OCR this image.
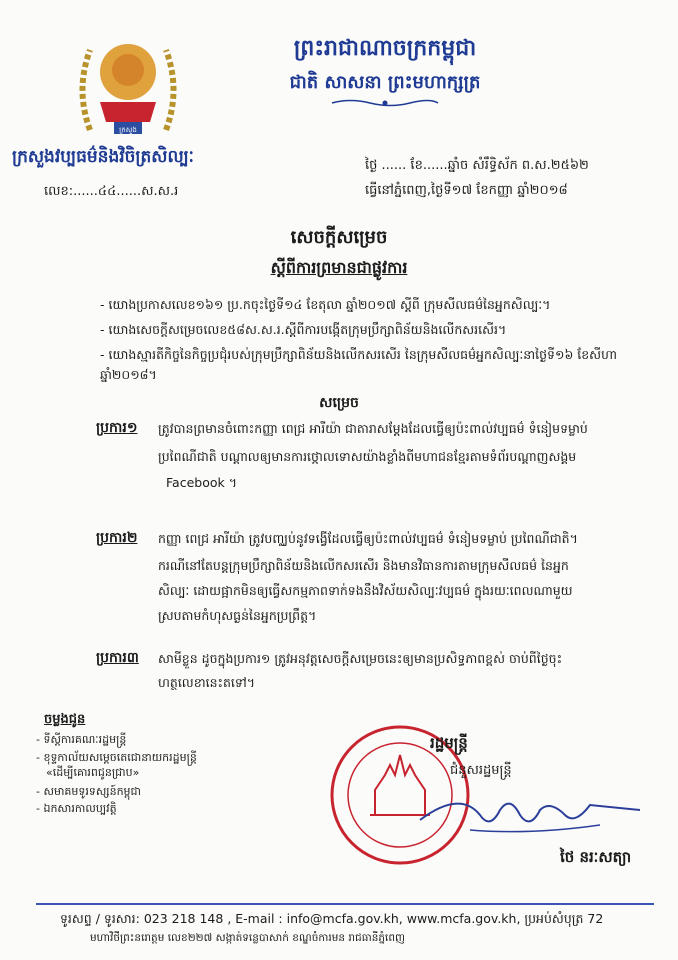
ព្រះរាជាណាចក្រកម្ពុជា
ជាតិ សាសនា ព្រះមហាក្សត្រ
ក្រសួង
ក្រសួងវប្បធម៌និងវិចិត្រសិល្បៈ
លេខ:......៤៤......ស.ស.រ
ថ្ងៃ ​​​​​​​​​​......​ ខែ......ឆ្នាំច សំរឹទ្ធិស័ក ព.ស.២៥៦២
ធ្វើនៅភ្នំពេញ,ថ្ងៃទី១៧ ខែកញ្ញា ឆ្នាំ២០១៨
សេចក្តីសម្រេច
ស្តីពីការព្រមានជាផ្លូវការ
- យោងប្រកាសលេខ១៦១ ប្រ.កចុះថ្ងៃទី១៤ ខែតុលា ឆ្នាំ២០១៧ ស្តីពី ក្រុមសីលធម៌នៃអ្នកសិល្បៈ។
- យោងសេចក្តីសម្រេចលេខ៥៨ស.ស.រ.ស្តីពីការបង្កើតក្រុមប្រឹក្សាពិន័យនិងលើកសរសើរ។
- យោងស្មារតីកិច្ចនៃកិច្ចប្រជុំរបស់ក្រុមប្រឹក្សាពិន័យនិងលើកសរសើរ នៃក្រុមសីលធម៌អ្នកសិល្បៈនាថ្ងៃទី១៦ ខែសីហា ឆ្នាំ២០១៨។
សម្រេច
ប្រការ១ ត្រូវបានព្រមានចំពោះកញ្ញា ពេជ្រ អារីយ៉ា ជាតារាសម្តែងដែលធ្វើឲ្យប៉ះពាល់វប្បធម៌ ទំនៀមទម្លាប់
ប្រពៃណីជាតិ បណ្តាលឲ្យមានការថ្កោលទោសយ៉ាងខ្លាំងពីមហាជនខ្មែរតាមទំព័របណ្តាញសង្គម
Facebook ។
ប្រការ២ កញ្ញា ពេជ្រ អារីយ៉ា ត្រូវបញ្ឈប់នូវទង្វើដែលធ្វើឲ្យប៉ះពាល់វប្បធម៌ ទំនៀមទម្លាប់ ប្រពៃណីជាតិ។
ករណីនៅតែបន្តក្រុមប្រឹក្សាពិន័យនិងលើកសរសើរ និងមានវិធានការតាមក្រុមសីលធម៌ នៃអ្នក
សិល្បៈ ដោយផ្អាកមិនឲ្យធ្វើសកម្មភាពទាក់ទងនឹងវិស័យសិល្បៈវប្បធម៌ ក្នុងរយៈពេលណាមួយ
ស្របតាមកំហុសធ្ងន់នៃអ្នកប្រព្រឹត្ត។
ប្រការ៣ សាមីខ្លួន ដូចក្នុងប្រការ១ ត្រូវអនុវត្តសេចក្តីសម្រេចនេះឲ្យមានប្រសិទ្ធភាពខ្ពស់ ចាប់ពីថ្ងៃចុះ
ហត្ថលេខានេះតទៅ។
ចម្លងជូន
- ទីស្តីការគណៈរដ្ឋមន្ត្រី
- ខុទ្ទកាល័យសម្តេចតេជោនាយករដ្ឋមន្ត្រី
«ដើម្បីគោរពជូនជ្រាប»
- សមាគមទូរទស្សន៍កម្ពុជា
- ឯកសារកាលប្បវត្តិ
រដ្ឋមន្ត្រី
ជំនួសរដ្ឋមន្ត្រី
ថៃ នរៈសត្យា
ទូរសព្ទ / ទូរសារ: 023 218 148 , E-mail : info@mcfa.gov.kh, www.mcfa.gov.kh, ប្រអប់សំបុត្រ 72
មហាវិថីព្រះនរោត្តម លេខ២២៧ សង្កាត់ទន្លេបាសាក់ ខណ្ឌចំការមន រាជធានីភ្នំពេញ
